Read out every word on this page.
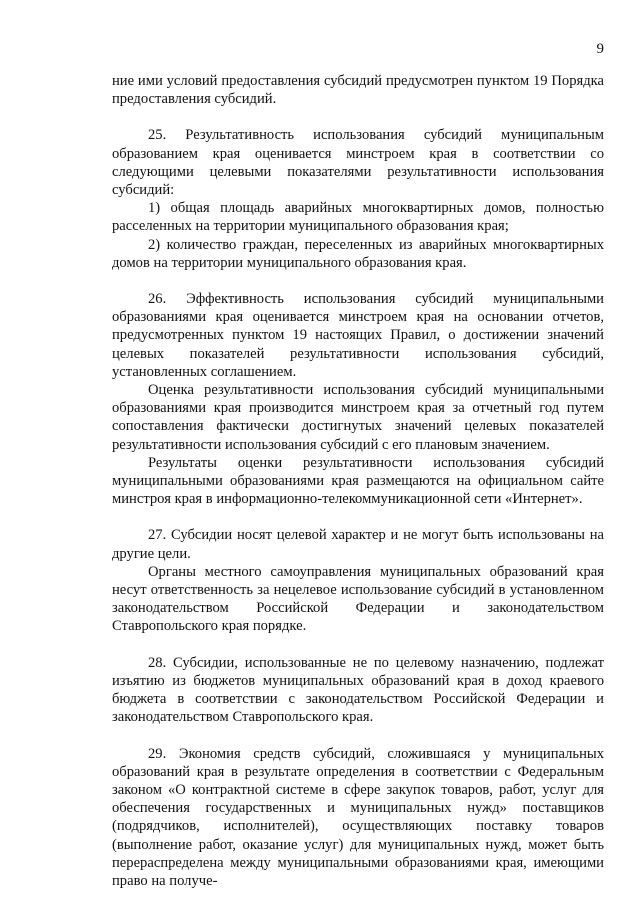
9

ние ими условий предоставления субсидий предусмотрен пунктом 19 Порядка предоставления субсидий.

25. Результативность использования субсидий муниципальным образованием края оценивается минстроем края в соответствии со следующими целевыми показателями результативности использования субсидий:

1) общая площадь аварийных многоквартирных домов, полностью расселенных на территории муниципального образования края;

2) количество граждан, переселенных из аварийных многоквартирных домов на территории муниципального образования края.

26. Эффективность использования субсидий муниципальными образованиями края оценивается минстроем края на основании отчетов, предусмотренных пунктом 19 настоящих Правил, о достижении значений целевых показателей результативности использования субсидий, установленных соглашением.

Оценка результативности использования субсидий муниципальными образованиями края производится минстроем края за отчетный год путем сопоставления фактически достигнутых значений целевых показателей результативности использования субсидий с его плановым значением.

Результаты оценки результативности использования субсидий муниципальными образованиями края размещаются на официальном сайте минстроя края в информационно-телекоммуникационной сети «Интернет».

27. Субсидии носят целевой характер и не могут быть использованы на другие цели.

Органы местного самоуправления муниципальных образований края несут ответственность за нецелевое использование субсидий в установленном законодательством Российской Федерации и законодательством Ставропольского края порядке.

28. Субсидии, использованные не по целевому назначению, подлежат изъятию из бюджетов муниципальных образований края в доход краевого бюджета в соответствии с законодательством Российской Федерации и законодательством Ставропольского края.

29. Экономия средств субсидий, сложившаяся у муниципальных образований края в результате определения в соответствии с Федеральным законом «О контрактной системе в сфере закупок товаров, работ, услуг для обеспечения государственных и муниципальных нужд» поставщиков (подрядчиков, исполнителей), осуществляющих поставку товаров (выполнение работ, оказание услуг) для муниципальных нужд, может быть перераспределена между муниципальными образованиями края, имеющими право на получе-
